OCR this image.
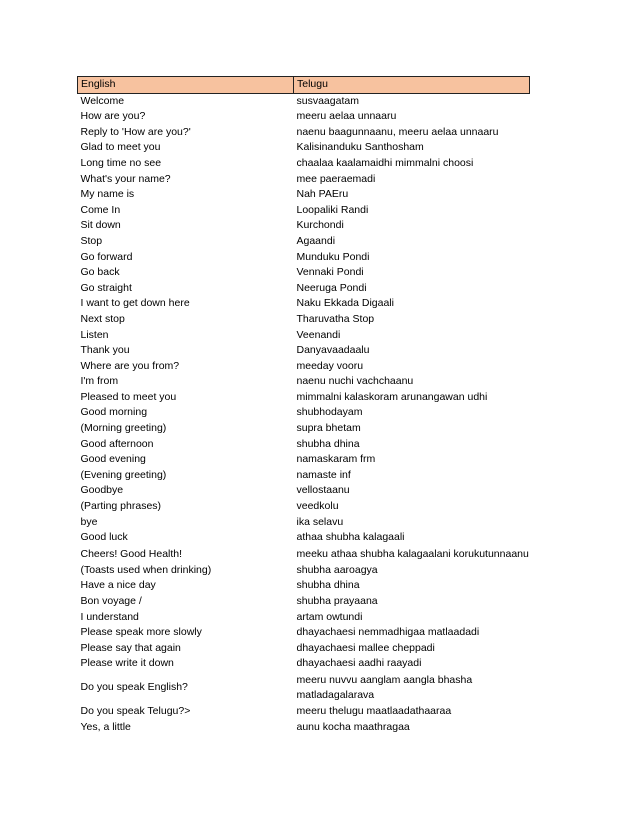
English	Telugu
Welcome	susvaagatam
How are you?	meeru aelaa unnaaru
Reply to 'How are you?'	naenu baagunnaanu, meeru aelaa unnaaru
Glad to meet you	Kalisinanduku Santhosham
Long time no see	chaalaa kaalamaidhi mimmalni choosi
What's your name?	mee paeraemadi
My name is	Nah PAEru
Come In	Loopaliki Randi
Sit down	Kurchondi
Stop	Agaandi
Go forward	Munduku Pondi
Go back	Vennaki Pondi
Go straight	Neeruga Pondi
I want to get down here	Naku Ekkada Digaali
Next stop	Tharuvatha Stop
Listen	Veenandi
Thank you	Danyavaadaalu
Where are you from?	meeday vooru
I'm from	naenu nuchi vachchaanu
Pleased to meet you	mimmalni kalaskoram arunangawan udhi
Good morning	shubhodayam
(Morning greeting)	supra bhetam
Good afternoon	shubha dhina
Good evening	namaskaram frm
(Evening greeting)	namaste inf
Goodbye	vellostaanu
(Parting phrases)	veedkolu
bye	ika selavu
Good luck	athaa shubha kalagaali
Cheers! Good Health!	meeku athaa shubha kalagaalani korukutunnaanu
(Toasts used when drinking)	shubha aaroagya
Have a nice day	shubha dhina
Bon voyage /	shubha prayaana
I understand	artam owtundi
Please speak more slowly	dhayachaesi nemmadhigaa matlaadadi
Please say that again	dhayachaesi mallee cheppadi
Please write it down	dhayachaesi aadhi raayadi
Do you speak English?	meeru nuvvu aanglam aangla bhasha matladagalarava
Do you speak Telugu?>	meeru thelugu maatlaadathaaraa
Yes, a little	aunu kocha maathragaa
